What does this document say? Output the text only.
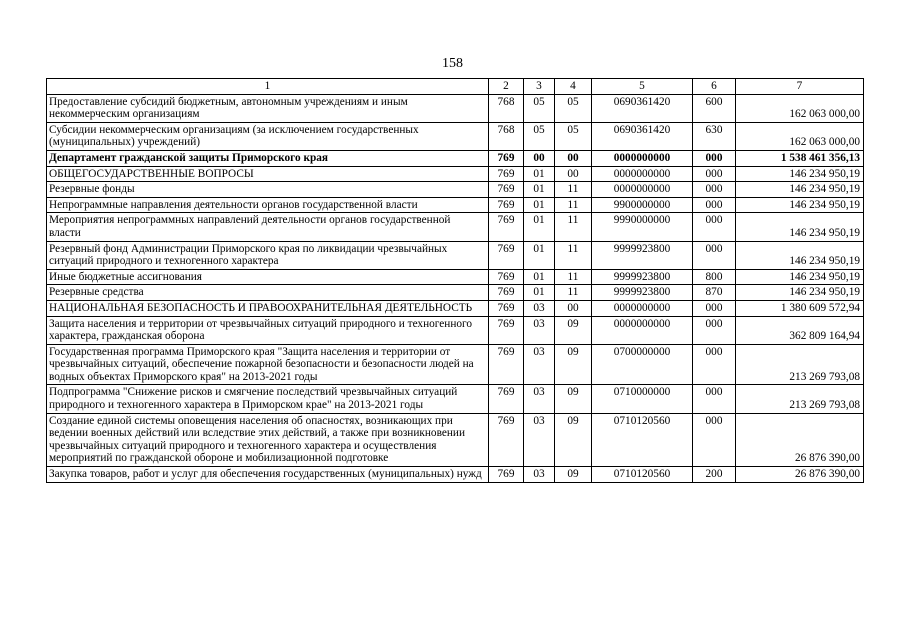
158
1	2	3	4	5	6	7
Предоставление субсидий бюджетным, автономным учреждениям и иным некоммерческим организациям	768	05	05	0690361420	600	162 063 000,00
Субсидии некоммерческим организациям (за исключением государственных (муниципальных) учреждений)	768	05	05	0690361420	630	162 063 000,00
Департамент гражданской защиты Приморского края	769	00	00	0000000000	000	1 538 461 356,13
ОБЩЕГОСУДАРСТВЕННЫЕ ВОПРОСЫ	769	01	00	0000000000	000	146 234 950,19
Резервные фонды	769	01	11	0000000000	000	146 234 950,19
Непрограммные направления деятельности органов государственной власти	769	01	11	9900000000	000	146 234 950,19
Мероприятия непрограммных направлений деятельности органов государственной власти	769	01	11	9990000000	000	146 234 950,19
Резервный фонд Администрации Приморского края по ликвидации чрезвычайных ситуаций природного и техногенного характера	769	01	11	9999923800	000	146 234 950,19
Иные бюджетные ассигнования	769	01	11	9999923800	800	146 234 950,19
Резервные средства	769	01	11	9999923800	870	146 234 950,19
НАЦИОНАЛЬНАЯ БЕЗОПАСНОСТЬ И ПРАВООХРАНИТЕЛЬНАЯ ДЕЯТЕЛЬНОСТЬ	769	03	00	0000000000	000	1 380 609 572,94
Защита населения и территории от чрезвычайных ситуаций природного и техногенного характера, гражданская оборона	769	03	09	0000000000	000	362 809 164,94
Государственная программа Приморского края "Защита населения и территории от чрезвычайных ситуаций, обеспечение пожарной безопасности и безопасности людей на водных объектах Приморского края" на 2013-2021 годы	769	03	09	0700000000	000	213 269 793,08
Подпрограмма "Снижение рисков и смягчение последствий чрезвычайных ситуаций природного и техногенного характера в Приморском крае" на 2013-2021 годы	769	03	09	0710000000	000	213 269 793,08
Создание единой системы оповещения населения об опасностях, возникающих при ведении военных действий или вследствие этих действий, а также при возникновении чрезвычайных ситуаций природного и техногенного характера и осуществления мероприятий по гражданской обороне и мобилизационной подготовке	769	03	09	0710120560	000	26 876 390,00
Закупка товаров, работ и услуг для обеспечения государственных (муниципальных) нужд	769	03	09	0710120560	200	26 876 390,00
